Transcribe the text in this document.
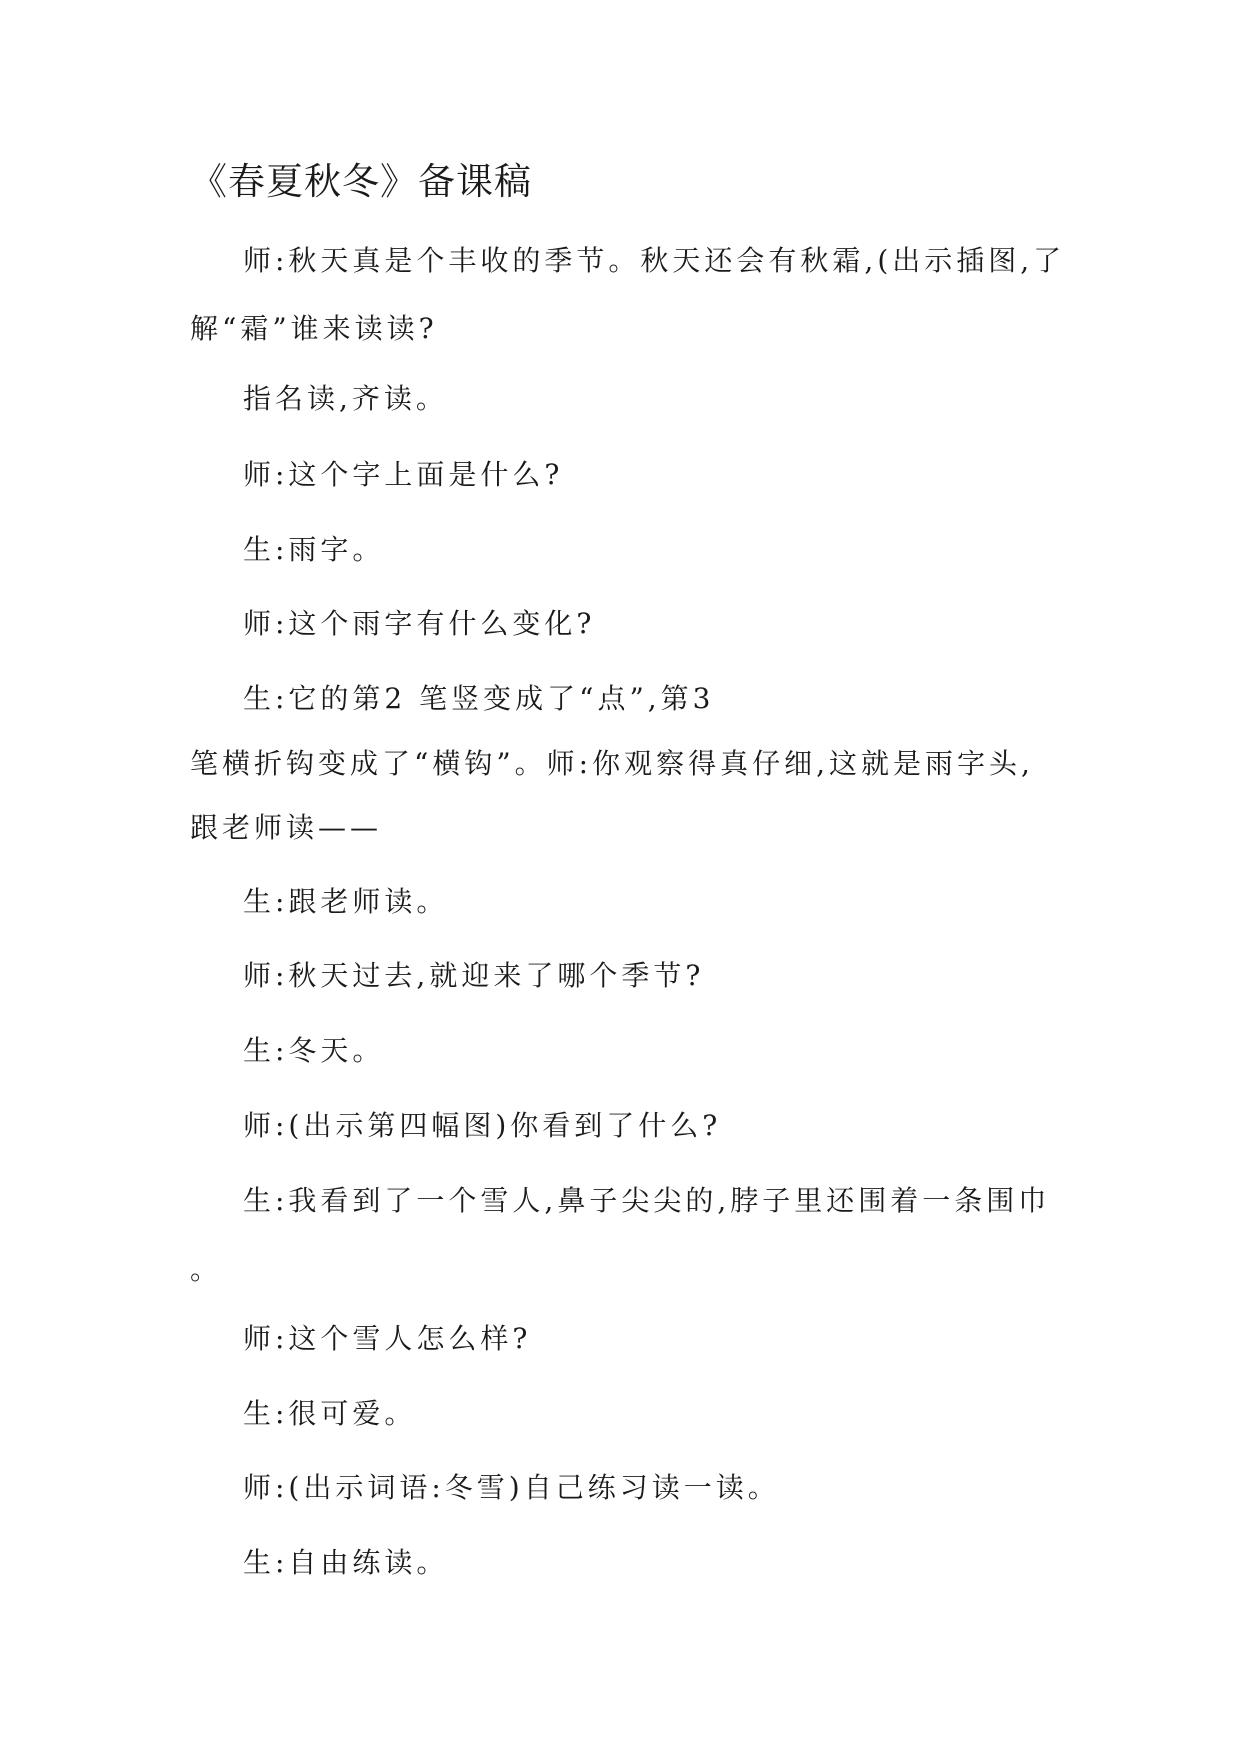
《春夏秋冬》备课稿
师:秋天真是个丰收的季节。秋天还会有秋霜,(出示插图,了
解“霜”谁来读读?
指名读,齐读。
师:这个字上面是什么?
生:雨字。
师:这个雨字有什么变化?
生:它的第2 笔竖变成了“点”,第3
笔横折钩变成了“横钩”。师:你观察得真仔细,这就是雨字头,
跟老师读——
生:跟老师读。
师:秋天过去,就迎来了哪个季节?
生:冬天。
师:(出示第四幅图)你看到了什么?
生:我看到了一个雪人,鼻子尖尖的,脖子里还围着一条围巾
。
师:这个雪人怎么样?
生:很可爱。
师:(出示词语:冬雪)自己练习读一读。
生:自由练读。
